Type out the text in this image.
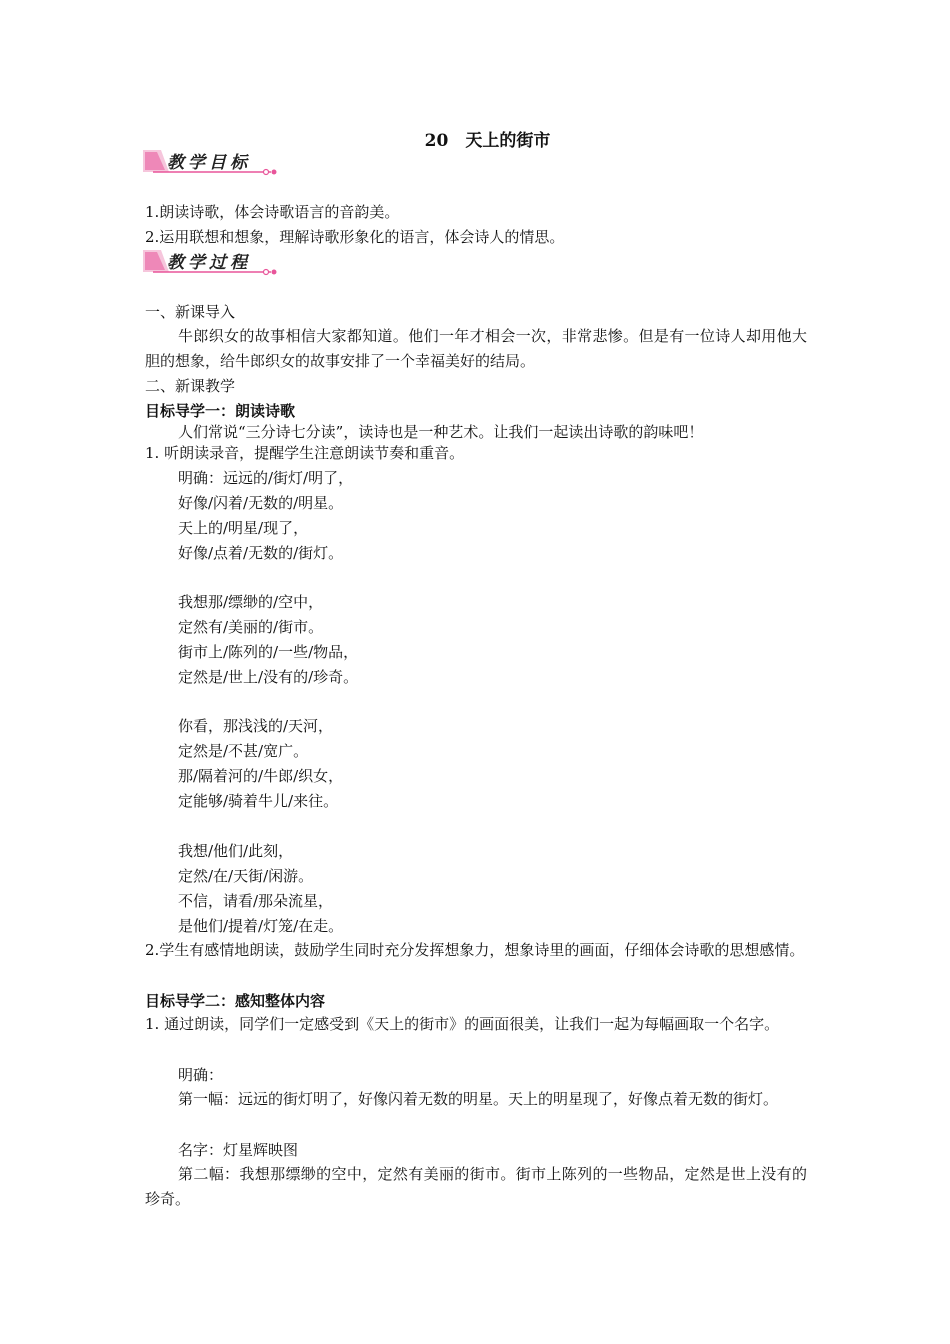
20　天上的街市
教学目标
教学过程
1.朗读诗歌，体会诗歌语言的音韵美。
2.运用联想和想象，理解诗歌形象化的语言，体会诗人的情思。
一、新课导入
牛郎织女的故事相信大家都知道。他们一年才相会一次，非常悲惨。但是有一位诗人却用他大胆的想象，给牛郎织女的故事安排了一个幸福美好的结局。
二、新课教学
目标导学一：朗读诗歌
人们常说“三分诗七分读”，读诗也是一种艺术。让我们一起读出诗歌的韵味吧！
1. 听朗读录音，提醒学生注意朗读节奏和重音。
明确：远远的/街灯/明了，
好像/闪着/无数的/明星。
天上的/明星/现了，
好像/点着/无数的/街灯。
我想那/缥缈的/空中，
定然有/美丽的/街市。
街市上/陈列的/一些/物品，
定然是/世上/没有的/珍奇。
你看，那浅浅的/天河，
定然是/不甚/宽广。
那/隔着河的/牛郎/织女，
定能够/骑着牛儿/来往。
我想/他们/此刻，
定然/在/天街/闲游。
不信，请看/那朵流星，
是他们/提着/灯笼/在走。
2.学生有感情地朗读，鼓励学生同时充分发挥想象力，想象诗里的画面，仔细体会诗歌的思想感情。
目标导学二：感知整体内容
1. 通过朗读，同学们一定感受到《天上的街市》的画面很美，让我们一起为每幅画取一个名字。
明确：
第一幅：远远的街灯明了，好像闪着无数的明星。天上的明星现了，好像点着无数的街灯。
名字：灯星辉映图
第二幅：我想那缥缈的空中，定然有美丽的街市。街市上陈列的一些物品，定然是世上没有的珍奇。
